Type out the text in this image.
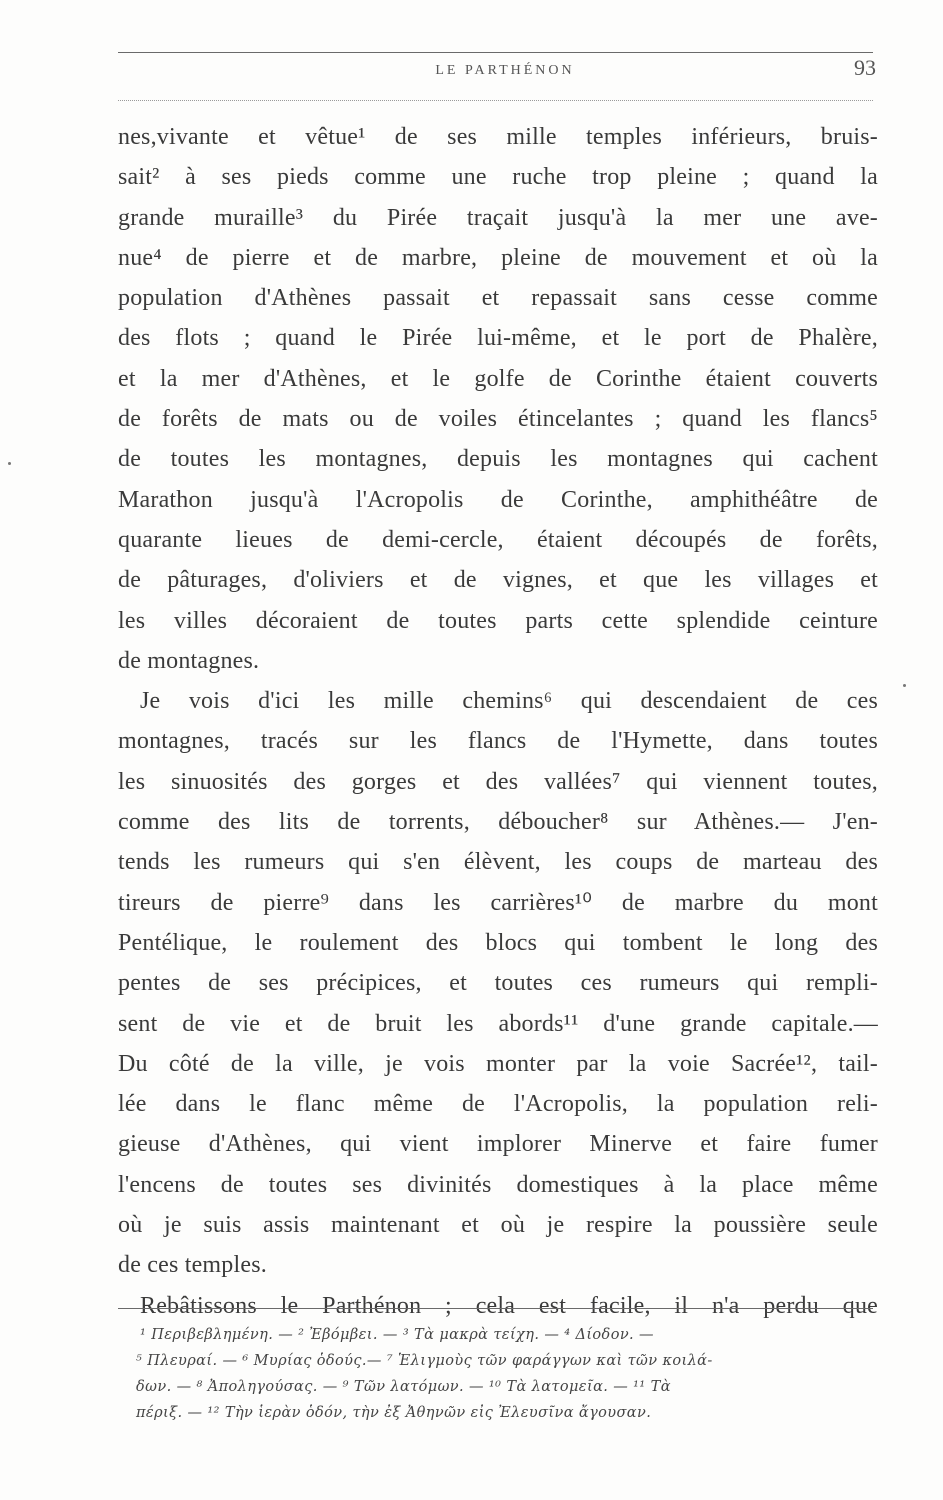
LE PARTHÉNON	93
nes,vivante et vêtue¹ de ses mille temples inférieurs, bruis-
sait² à ses pieds comme une ruche trop pleine ; quand la
grande muraille³ du Pirée traçait jusqu'à la mer une ave-
nue⁴ de pierre et de marbre, pleine de mouvement et où la
population d'Athènes passait et repassait sans cesse comme
des flots ; quand le Pirée lui-même, et le port de Phalère,
et la mer d'Athènes, et le golfe de Corinthe étaient couverts
de forêts de mats ou de voiles étincelantes ; quand les flancs⁵
de toutes les montagnes, depuis les montagnes qui cachent
Marathon jusqu'à l'Acropolis de Corinthe, amphithéâtre de
quarante lieues de demi-cercle, étaient découpés de forêts,
de pâturages, d'oliviers et de vignes, et que les villages et
les villes décoraient de toutes parts cette splendide ceinture
de montagnes.
Je vois d'ici les mille chemins⁶ qui descendaient de ces
montagnes, tracés sur les flancs de l'Hymette, dans toutes
les sinuosités des gorges et des vallées⁷ qui viennent toutes,
comme des lits de torrents, déboucher⁸ sur Athènes.— J'en-
tends les rumeurs qui s'en élèvent, les coups de marteau des
tireurs de pierre⁹ dans les carrières¹⁰ de marbre du mont
Pentélique, le roulement des blocs qui tombent le long des
pentes de ses précipices, et toutes ces rumeurs qui rempli-
sent de vie et de bruit les abords¹¹ d'une grande capitale.—
Du côté de la ville, je vois monter par la voie Sacrée¹², tail-
lée dans le flanc même de l'Acropolis, la population reli-
gieuse d'Athènes, qui vient implorer Minerve et faire fumer
l'encens de toutes ses divinités domestiques à la place même
où je suis assis maintenant et où je respire la poussière seule
de ces temples.
Rebâtissons le Parthénon ; cela est facile, il n'a perdu que
¹ Περιβεβλημένη. — ² Ἐβόμβει. — ³ Τὰ μακρὰ τείχη. — ⁴ Δίοδον. —
⁵ Πλευραί. — ⁶ Μυρίας ὁδούς.— ⁷ Ἑλιγμοὺς τῶν φαράγγων καὶ τῶν κοιλά-
δων. — ⁸ Ἀποληγούσας. — ⁹ Τῶν λατόμων. — ¹⁰ Τὰ λατομεῖα. — ¹¹ Τὰ
πέριξ. — ¹² Τὴν ἱερὰν ὁδόν, τὴν ἐξ Ἀθηνῶν εἰς Ἐλευσῖνα ἄγουσαν.
